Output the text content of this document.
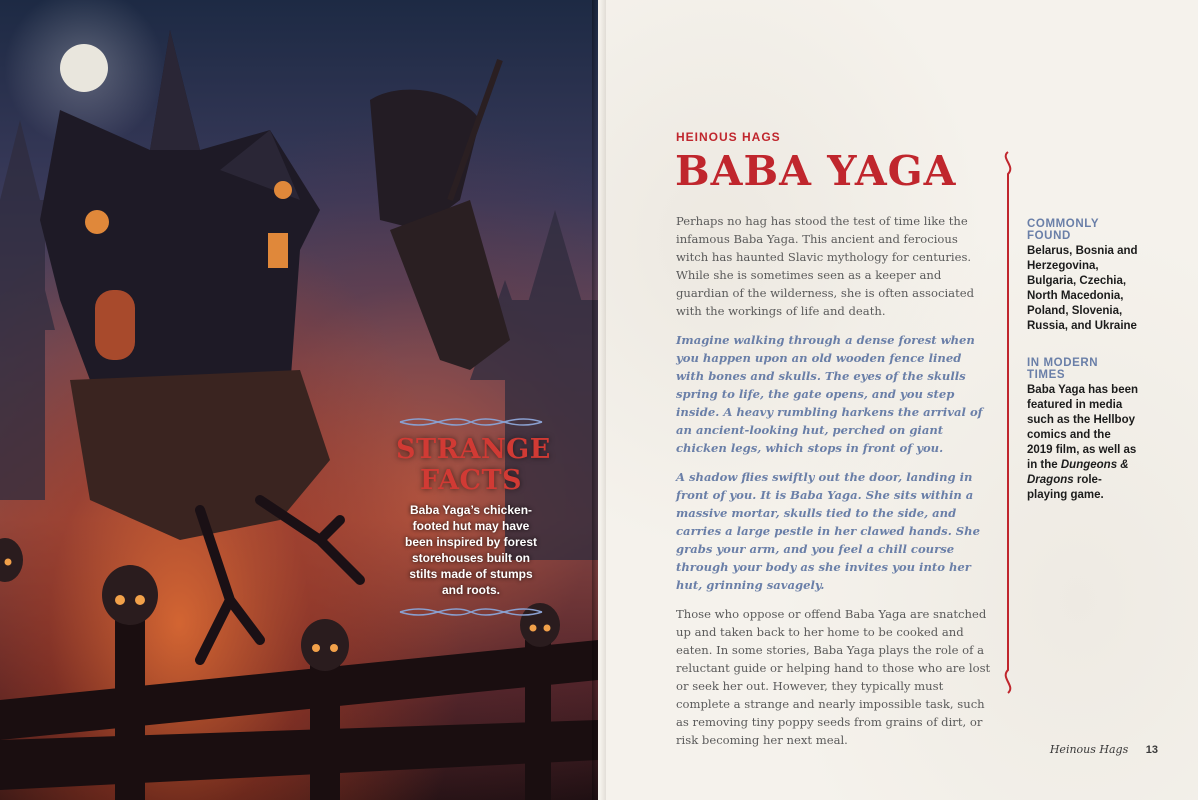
STRANGE
FACTS
Baba Yaga’s chicken-footed hut may have been inspired by forest storehouses built on stilts made of stumps and roots.
HEINOUS HAGS
BABA YAGA

Perhaps no hag has stood the test of time like the infamous Baba Yaga. This ancient and ferocious witch has haunted Slavic mythology for centuries. While she is sometimes seen as a keeper and guardian of the wilderness, she is often associated with the workings of life and death.

Imagine walking through a dense forest when you happen upon an old wooden fence lined with bones and skulls. The eyes of the skulls spring to life, the gate opens, and you step inside. A heavy rumbling harkens the arrival of an ancient-looking hut, perched on giant chicken legs, which stops in front of you.

A shadow flies swiftly out the door, landing in front of you. It is Baba Yaga. She sits within a massive mortar, skulls tied to the side, and carries a large pestle in her clawed hands. She grabs your arm, and you feel a chill course through your body as she invites you into her hut, grinning savagely.

Those who oppose or offend Baba Yaga are snatched up and taken back to her home to be cooked and eaten. In some stories, Baba Yaga plays the role of a reluctant guide or helping hand to those who are lost or seek her out. However, they typically must complete a strange and nearly impossible task, such as removing tiny poppy seeds from grains of dirt, or risk becoming her next meal.

COMMONLY FOUND
Belarus, Bosnia and Herzegovina, Bulgaria, Czechia, North Macedonia, Poland, Slovenia, Russia, and Ukraine
IN MODERN TIMES
Baba Yaga has been featured in media such as the Hellboy comics and the 2019 film, as well as in the Dungeons & Dragons role-playing game.
Heinous Hags 13
